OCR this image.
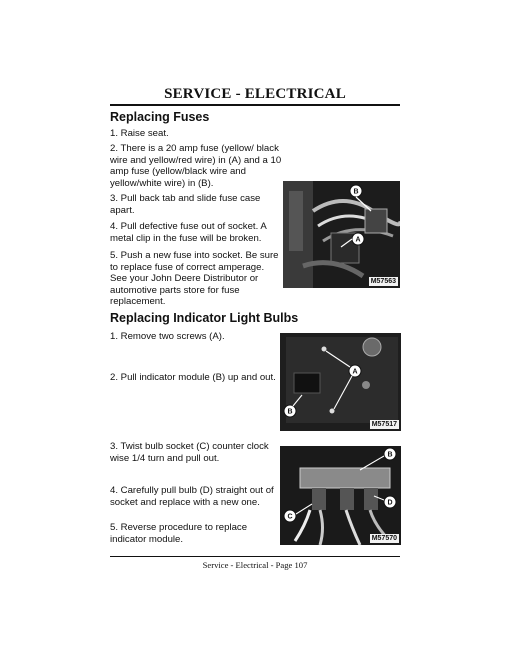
SERVICE - ELECTRICAL
Replacing Fuses
1. Raise seat.
2. There is a 20 amp fuse (yellow/ black wire and yellow/red wire) in (A) and a 10 amp fuse (yellow/black wire and yellow/white wire) in (B).
3. Pull back tab and slide fuse case apart.
4. Pull defective fuse out of socket. A metal clip in the fuse will be broken.
5. Push a new fuse into socket. Be sure to replace fuse of correct amperage. See your John Deere Distributor or automotive parts store for fuse replacement.
B
A
M57563
Replacing Indicator Light Bulbs
1. Remove two screws (A).
2. Pull indicator module (B) up and out.
3. Twist bulb socket (C) counter clock wise 1/4 turn and pull out.
4. Carefully pull bulb (D) straight out of socket and replace with a new one.
5. Reverse procedure to replace indicator module.
A
B
M57517
B
D
C
M57570
Service - Electrical - Page 107
